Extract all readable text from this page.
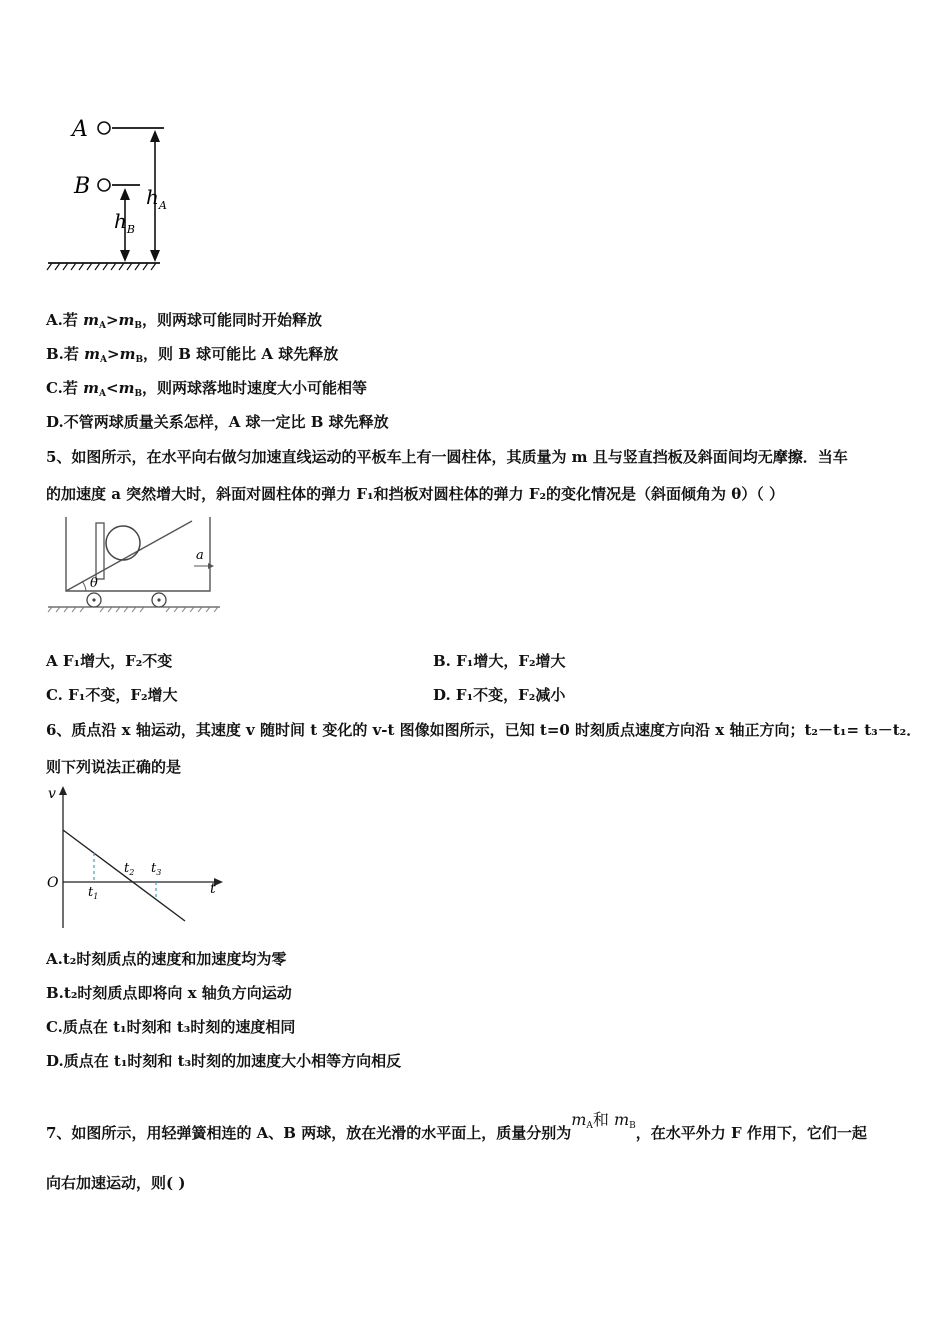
A
B	$h_A$
$h_B$
A.若 $m_A>m_B$，则两球可能同时开始释放
B.若 $m_A>m_B$，则 B 球可能比 A 球先释放
C.若 $m_A<m_B$，则两球落地时速度大小可能相等
D.不管两球质量关系怎样，A 球一定比 B 球先释放
5、如图所示，在水平向右做匀加速直线运动的平板车上有一圆柱体，其质量为 m 且与竖直挡板及斜面间均无摩擦．当车
的加速度 a 突然增大时，斜面对圆柱体的弹力 F₁和挡板对圆柱体的弹力 F₂的变化情况是（斜面倾角为 θ）（ ）
θ
a
A F₁增大，F₂不变	B. F₁增大，F₂增大
C. F₁不变，F₂增大	D. F₁不变，F₂减小
6、质点沿 x 轴运动，其速度 v 随时间 t 变化的 v-t 图像如图所示，已知 t=0 时刻质点速度方向沿 x 轴正方向；t₂－t₁= t₃－t₂．
则下列说法正确的是
v
O	t
$t_1$
$t_2$ $t_3$
A.t₂时刻质点的速度和加速度均为零
B.t₂时刻质点即将向 x 轴负方向运动
C.质点在 t₁时刻和 t₃时刻的速度相同
D.质点在 t₁时刻和 t₃时刻的加速度大小相等方向相反
7、如图所示，用轻弹簧相连的 A、B 两球，放在光滑的水平面上，质量分别为$m_A$和 $m_B$，在水平外力 F 作用下，它们一起
向右加速运动，则( )
